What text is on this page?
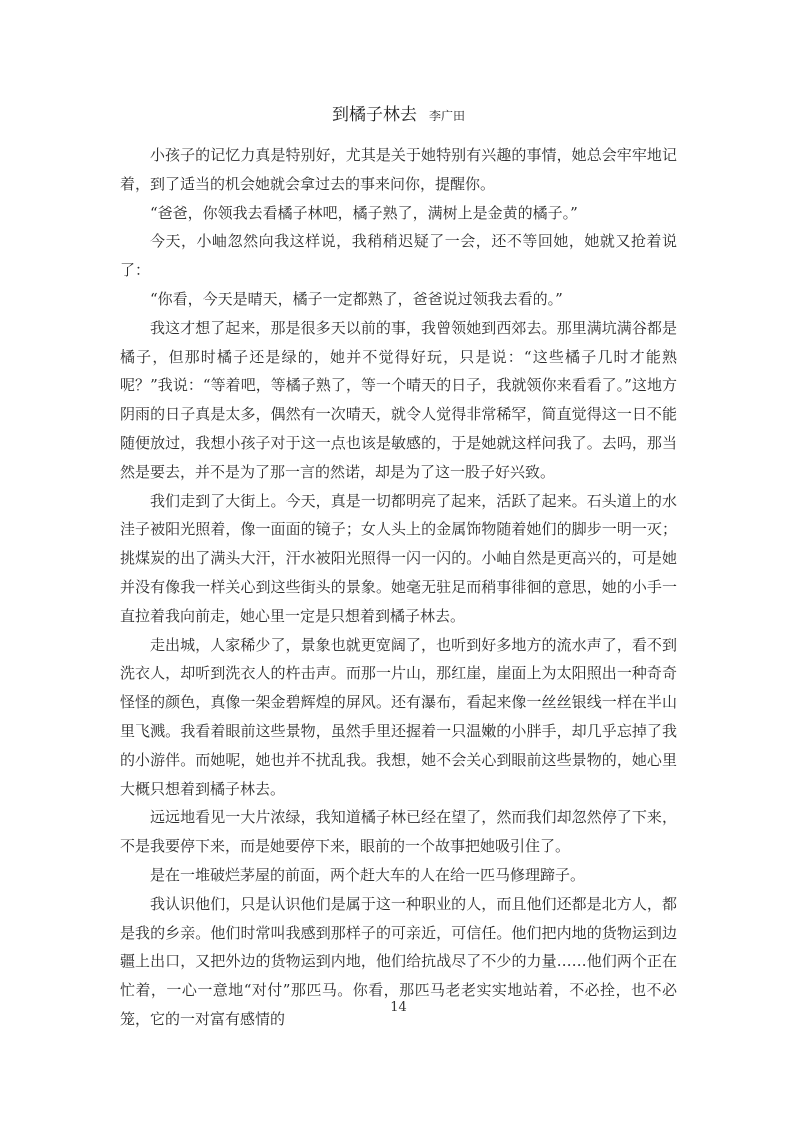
到橘子林去 李广田

小孩子的记忆力真是特别好，尤其是关于她特别有兴趣的事情，她总会牢牢地记着，到了适当的机会她就会拿过去的事来问你，提醒你。

“爸爸，你领我去看橘子林吧，橘子熟了，满树上是金黄的橘子。”

今天，小岫忽然向我这样说，我稍稍迟疑了一会，还不等回她，她就又抢着说了：

“你看，今天是晴天，橘子一定都熟了，爸爸说过领我去看的。”

我这才想了起来，那是很多天以前的事，我曾领她到西郊去。那里满坑满谷都是橘子，但那时橘子还是绿的，她并不觉得好玩，只是说：“这些橘子几时才能熟呢？”我说：“等着吧，等橘子熟了，等一个晴天的日子，我就领你来看看了。”这地方阴雨的日子真是太多，偶然有一次晴天，就令人觉得非常稀罕，简直觉得这一日不能随便放过，我想小孩子对于这一点也该是敏感的，于是她就这样问我了。去吗，那当然是要去，并不是为了那一言的然诺，却是为了这一股子好兴致。

我们走到了大街上。今天，真是一切都明亮了起来，活跃了起来。石头道上的水洼子被阳光照着，像一面面的镜子；女人头上的金属饰物随着她们的脚步一明一灭；挑煤炭的出了满头大汗，汗水被阳光照得一闪一闪的。小岫自然是更高兴的，可是她并没有像我一样关心到这些街头的景象。她毫无驻足而稍事徘徊的意思，她的小手一直拉着我向前走，她心里一定是只想着到橘子林去。

走出城，人家稀少了，景象也就更宽阔了，也听到好多地方的流水声了，看不到洗衣人，却听到洗衣人的杵击声。而那一片山，那红崖，崖面上为太阳照出一种奇奇怪怪的颜色，真像一架金碧辉煌的屏风。还有瀑布，看起来像一丝丝银线一样在半山里飞溅。我看着眼前这些景物，虽然手里还握着一只温嫩的小胖手，却几乎忘掉了我的小游伴。而她呢，她也并不扰乱我。我想，她不会关心到眼前这些景物的，她心里大概只想着到橘子林去。

远远地看见一大片浓绿，我知道橘子林已经在望了，然而我们却忽然停了下来，不是我要停下来，而是她要停下来，眼前的一个故事把她吸引住了。

是在一堆破烂茅屋的前面，两个赶大车的人在给一匹马修理蹄子。

我认识他们，只是认识他们是属于这一种职业的人，而且他们还都是北方人，都是我的乡亲。他们时常叫我感到那样子的可亲近，可信任。他们把内地的货物运到边疆上出口，又把外边的货物运到内地，他们给抗战尽了不少的力量……他们两个正在忙着，一心一意地“对付”那匹马。你看，那匹马老老实实地站着，不必拴，也不必笼，它的一对富有感情的

14
